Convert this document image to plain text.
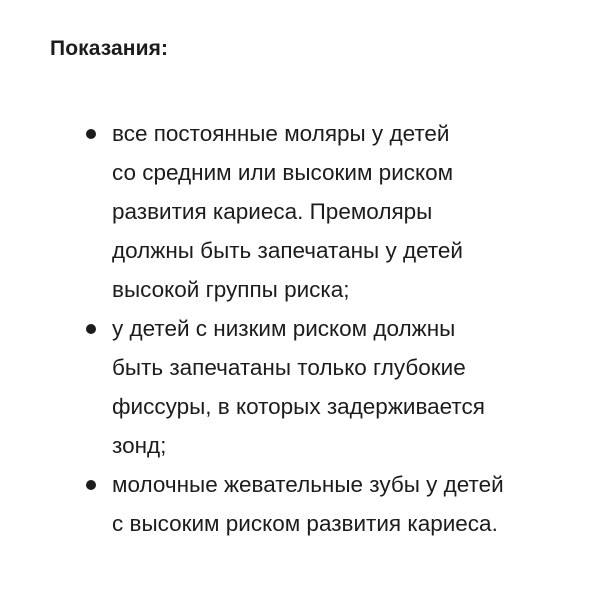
Показания:
все постоянные моляры у детей
со средним или высоким риском
развития кариеса. Премоляры
должны быть запечатаны у детей
высокой группы риска;
у детей с низким риском должны
быть запечатаны только глубокие
фиссуры, в которых задерживается
зонд;
молочные жевательные зубы у детей
с высоким риском развития кариеса.
